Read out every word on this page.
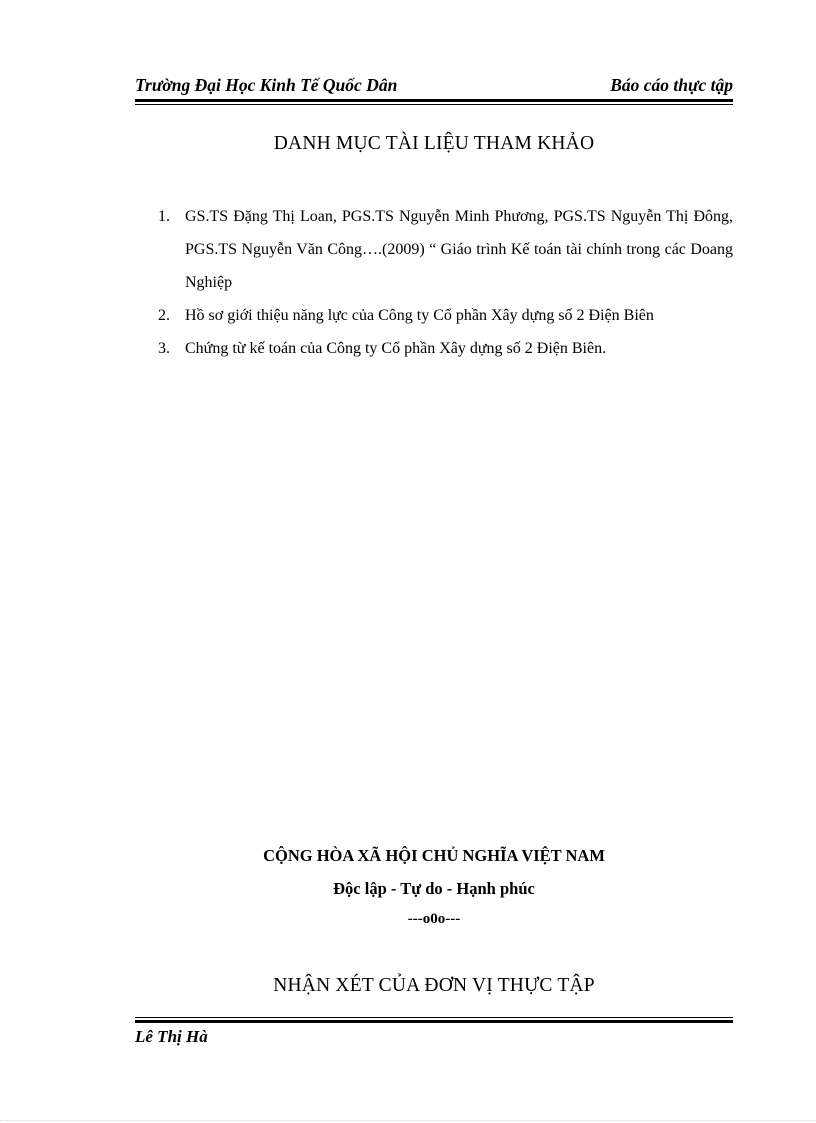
Trường Đại Học Kinh Tế Quốc Dân	Báo cáo thực tập
DANH MỤC TÀI LIỆU THAM KHẢO
1. GS.TS Đặng Thị Loan, PGS.TS Nguyễn Minh Phương, PGS.TS Nguyễn Thị Đông, PGS.TS Nguyễn Văn Công….(2009) “ Giáo trình Kế toán tài chính trong các Doang Nghiệp
2. Hồ sơ giới thiệu năng lực của Công ty Cổ phần Xây dựng số 2 Điện Biên
3. Chứng từ kế toán của Công ty Cổ phần Xây dựng số 2 Điện Biên.
CỘNG HÒA XÃ HỘI CHỦ NGHĨA VIỆT NAM
Độc lập - Tự do - Hạnh phúc
---o0o---
NHẬN XÉT CỦA ĐƠN VỊ THỰC TẬP
Lê Thị Hà
